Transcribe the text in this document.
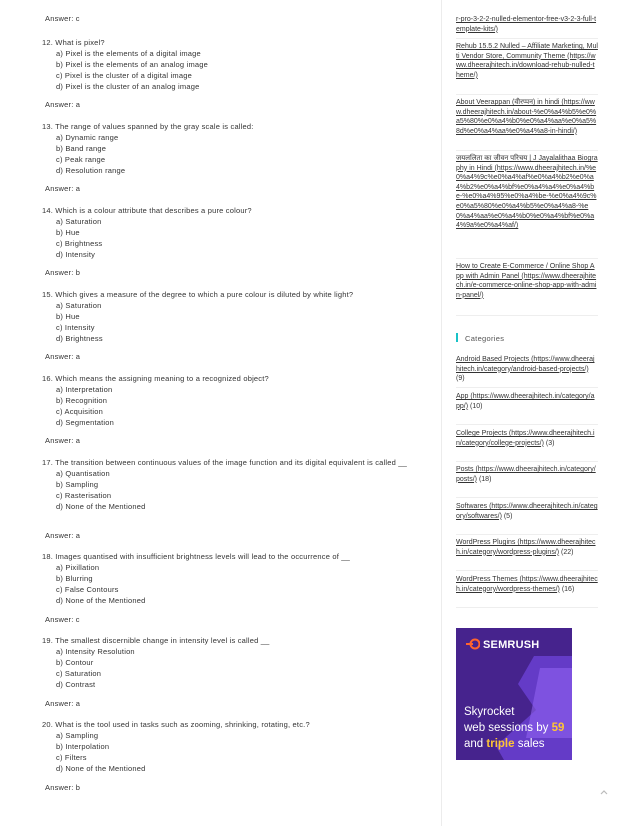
Answer: c
12. What is pixel?
a) Pixel is the elements of a digital image
b) Pixel is the elements of an analog image
c) Pixel is the cluster of a digital image
d) Pixel is the cluster of an analog image
Answer: a
13. The range of values spanned by the gray scale is called:
a) Dynamic range
b) Band range
c) Peak range
d) Resolution range
Answer: a
14. Which is a colour attribute that describes a pure colour?
a) Saturation
b) Hue
c) Brightness
d) Intensity
Answer: b
15. Which gives a measure of the degree to which a pure colour is diluted by white light?
a) Saturation
b) Hue
c) Intensity
d) Brightness
Answer: a
16. Which means the assigning meaning to a recognized object?
a) Interpretation
b) Recognition
c) Acquisition
d) Segmentation
Answer: a
17. The transition between continuous values of the image function and its digital equivalent is called __
a) Quantisation
b) Sampling
c) Rasterisation
d) None of the Mentioned
Answer: a
18. Images quantised with insufficient brightness levels will lead to the occurrence of __
a) Pixillation
b) Blurring
c) False Contours
d) None of the Mentioned
Answer: c
19. The smallest discernible change in intensity level is called __
a) Intensity Resolution
b) Contour
c) Saturation
d) Contrast
Answer: a
20. What is the tool used in tasks such as zooming, shrinking, rotating, etc.?
a) Sampling
b) Interpolation
c) Filters
d) None of the Mentioned
Answer: b
r-pro-3-2-2-nulled-elementor-free-v3-2-3-full-template-kits/)
Rehub 15.5.2 Nulled – Affiliate Marketing, Multi Vendor Store, Community Theme (https://www.dheerajhitech.in/download-rehub-nulled-theme/)
About Veerappan (वीरप्पन) in hindi (https://www.dheerajhitech.in/about-%e0%a4%b5%e0%a5%80%e0%a4%b0%e0%a4%aa%e0%a5%8d%e0%a4%aa%e0%a4%a8-in-hindi/)
जयललिता का जीवन परिचय | J Jayalalithaa Biography in Hindi (https://www.dheerajhitech.in/%e0%a4%9c%e0%a4%af%e0%a4%b2%e0%a4%b2%e0%a4%bf%e0%a4%a4%e0%a4%be-%e0%a4%95%e0%a4%be-%e0%a4%9c%e0%a5%80%e0%a4%b5%e0%a4%a8-%e0%a4%aa%e0%a4%b0%e0%a4%bf%e0%a4%9a%e0%a4%af/)
How to Create E-Commerce / Online Shop App with Admin Panel (https://www.dheerajhitech.in/e-commerce-online-shop-app-with-admin-panel/)
Categories
Android Based Projects (https://www.dheerajhitech.in/category/android-based-projects/) (9)
App (https://www.dheerajhitech.in/category/app/) (10)
College Projects (https://www.dheerajhitech.in/category/college-projects/) (3)
Posts (https://www.dheerajhitech.in/category/posts/) (18)
Softwares (https://www.dheerajhitech.in/category/softwares/) (5)
WordPress Plugins (https://www.dheerajhitech.in/category/wordpress-plugins/) (22)
WordPress Themes (https://www.dheerajhitech.in/category/wordpress-themes/) (16)
SEMRUSH
Skyrocket
web sessions by 59
and triple sales
